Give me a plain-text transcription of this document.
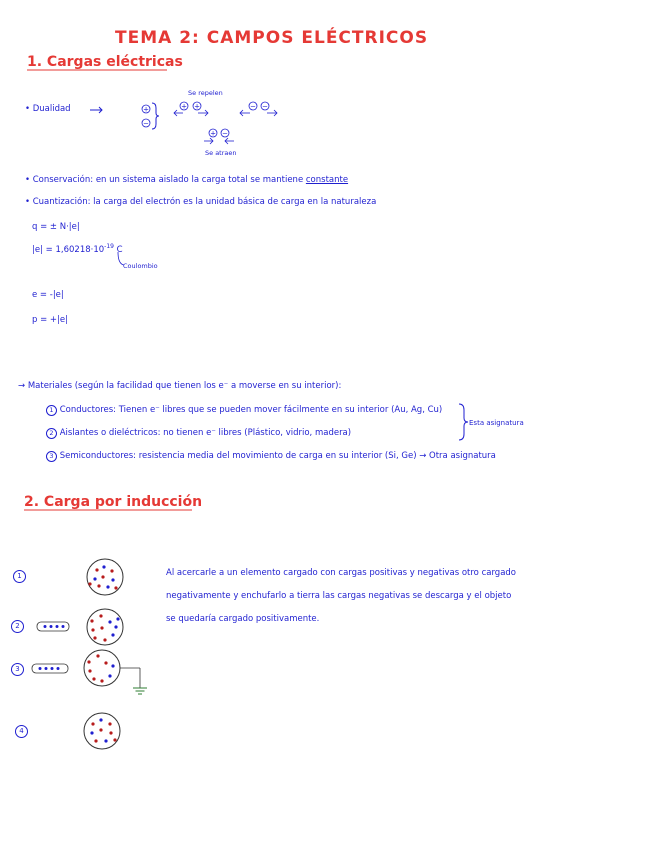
TEMA 2: CAMPOS ELÉCTRICOS
1. Cargas eléctricas
• Dualidad
Se repelen
Se atraen
• Conservación: en un sistema aislado la carga total se mantiene constante
• Cuantización: la carga del electrón es la unidad básica de carga en la naturaleza
q = ± N·|e|
$|e| = 1,60218\cdot 10^{-19}$ C
Coulombio
e = -|e|
p = +|e|
→ Materiales (según la facilidad que tienen los e⁻ a moverse en su interior):
1 Conductores: Tienen e⁻ libres que se pueden mover fácilmente en su interior (Au, Ag, Cu)
2 Aislantes o dieléctricos: no tienen e⁻ libres (Plástico, vidrio, madera)
3 Semiconductores: resistencia media del movimiento de carga en su interior (Si, Ge) → Otra asignatura
Esta asignatura
2. Carga por inducción
Al acercarle a un elemento cargado con cargas positivas y negativas otro cargado
negativamente y enchufarlo a tierra las cargas negativas se descarga y el objeto
se quedaría cargado positivamente.
1
2
3
4
+
−
+ +	− −
+ −
